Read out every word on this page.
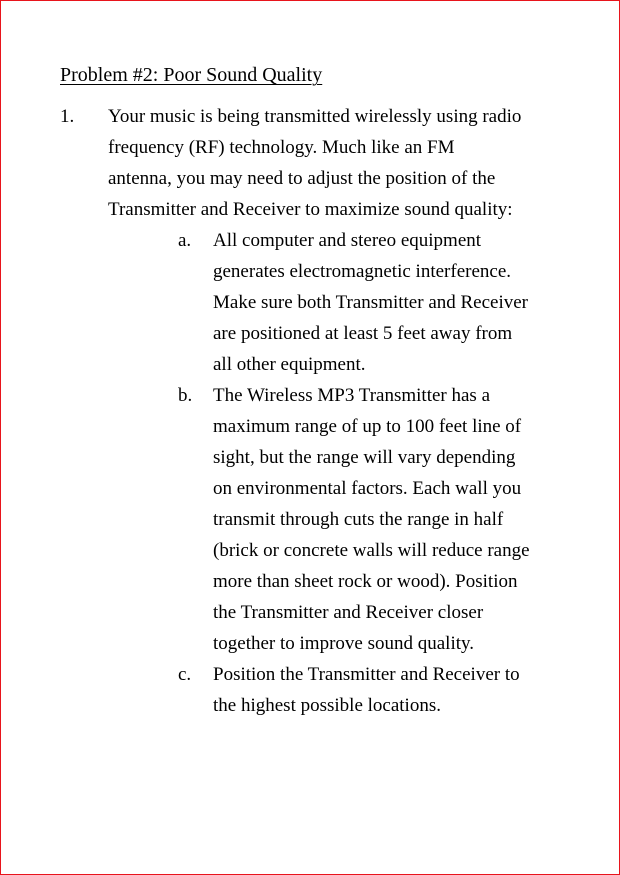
Problem #2: Poor Sound Quality
1. Your music is being transmitted wirelessly using radio
frequency (RF) technology. Much like an FM
antenna, you may need to adjust the position of the
Transmitter and Receiver to maximize sound quality:
a. All computer and stereo equipment
generates electromagnetic interference.
Make sure both Transmitter and Receiver
are positioned at least 5 feet away from
all other equipment.
b. The Wireless MP3 Transmitter has a
maximum range of up to 100 feet line of
sight, but the range will vary depending
on environmental factors. Each wall you
transmit through cuts the range in half
(brick or concrete walls will reduce range
more than sheet rock or wood). Position
the Transmitter and Receiver closer
together to improve sound quality.
c. Position the Transmitter and Receiver to
the highest possible locations.
